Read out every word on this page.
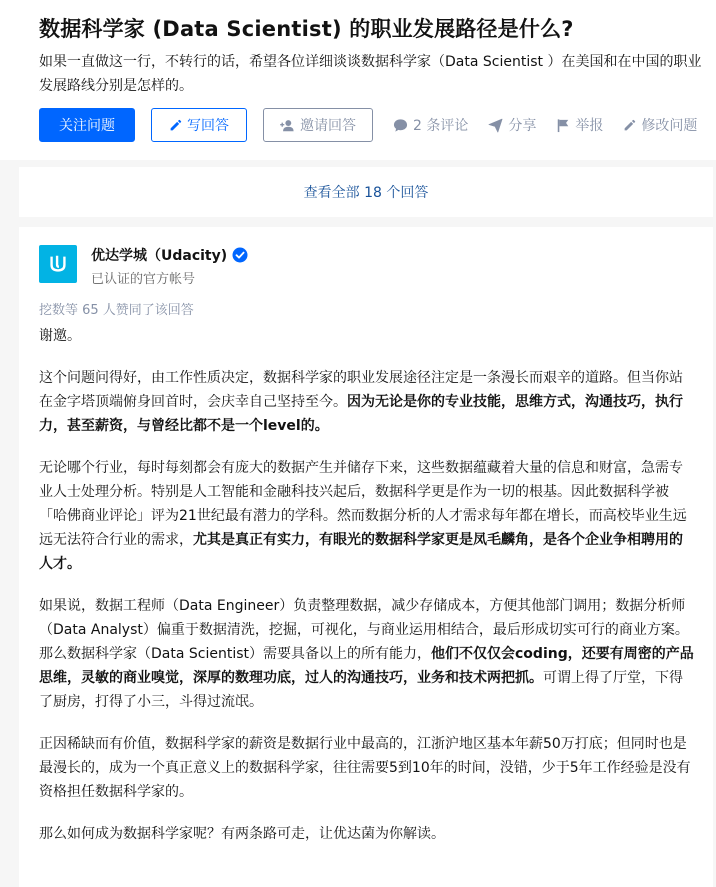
数据科学家 (Data Scientist) 的职业发展路径是什么?
如果一直做这一行，不转行的话，希望各位详细谈谈数据科学家（Data Scientist ）在美国和在中国的职业发展路线分别是怎样的。
关注问题	写回答	邀请回答	2 条评论	分享	举报	修改问题
查看全部 18 个回答
优达学城（Udacity)
已认证的官方帐号
挖数等 65 人赞同了该回答

谢邀。

这个问题问得好，由工作性质决定，数据科学家的职业发展途径注定是一条漫长而艰辛的道路。但当你站在金字塔顶端俯身回首时，会庆幸自己坚持至今。因为无论是你的专业技能，思维方式，沟通技巧，执行力，甚至薪资，与曾经比都不是一个level的。

无论哪个行业，每时每刻都会有庞大的数据产生并储存下来，这些数据蕴藏着大量的信息和财富，急需专业人士处理分析。特别是人工智能和金融科技兴起后，数据科学更是作为一切的根基。因此数据科学被「哈佛商业评论」评为21世纪最有潜力的学科。然而数据分析的人才需求每年都在增长，而高校毕业生远远无法符合行业的需求，尤其是真正有实力，有眼光的数据科学家更是凤毛麟角，是各个企业争相聘用的人才。

如果说，数据工程师（Data Engineer）负责整理数据，减少存储成本，方便其他部门调用；数据分析师（Data Analyst）偏重于数据清洗，挖掘，可视化，与商业运用相结合，最后形成切实可行的商业方案。那么数据科学家（Data Scientist）需要具备以上的所有能力，他们不仅仅会coding，还要有周密的产品思维，灵敏的商业嗅觉，深厚的数理功底，过人的沟通技巧，业务和技术两把抓。可谓上得了厅堂，下得了厨房，打得了小三，斗得过流氓。

正因稀缺而有价值，数据科学家的薪资是数据行业中最高的，江浙沪地区基本年薪50万打底；但同时也是最漫长的，成为一个真正意义上的数据科学家，往往需要5到10年的时间，没错，少于5年工作经验是没有资格担任数据科学家的。

那么如何成为数据科学家呢？有两条路可走，让优达菌为你解读。
